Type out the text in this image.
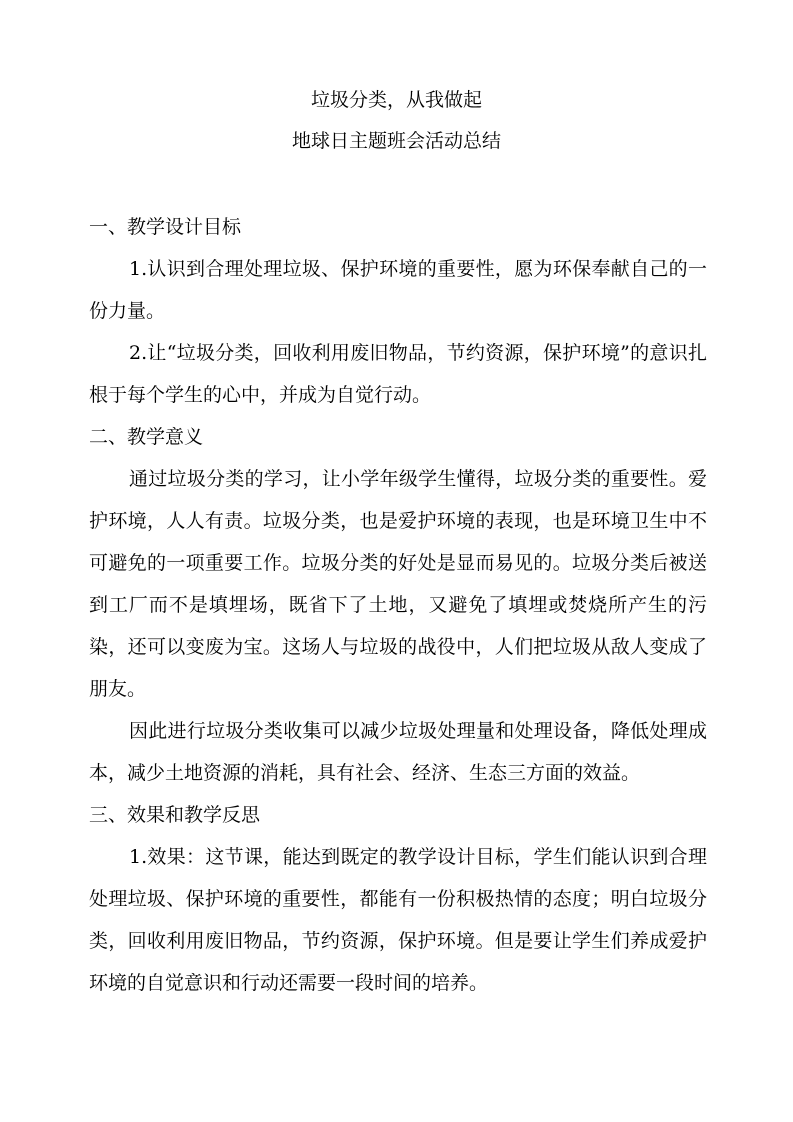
垃圾分类，从我做起
地球日主题班会活动总结
一、教学设计目标

1.认识到合理处理垃圾、保护环境的重要性，愿为环保奉献自己的一份力量。

2.让“垃圾分类，回收利用废旧物品，节约资源，保护环境”的意识扎根于每个学生的心中，并成为自觉行动。

二、教学意义

通过垃圾分类的学习，让小学年级学生懂得，垃圾分类的重要性。爱护环境，人人有责。垃圾分类，也是爱护环境的表现，也是环境卫生中不可避免的一项重要工作。垃圾分类的好处是显而易见的。垃圾分类后被送到工厂而不是填埋场，既省下了土地，又避免了填埋或焚烧所产生的污染，还可以变废为宝。这场人与垃圾的战役中，人们把垃圾从敌人变成了朋友。

因此进行垃圾分类收集可以减少垃圾处理量和处理设备，降低处理成本，减少土地资源的消耗，具有社会、经济、生态三方面的效益。

三、效果和教学反思

1.效果：这节课，能达到既定的教学设计目标，学生们能认识到合理处理垃圾、保护环境的重要性，都能有一份积极热情的态度；明白垃圾分类，回收利用废旧物品，节约资源，保护环境。但是要让学生们养成爱护环境的自觉意识和行动还需要一段时间的培养。
